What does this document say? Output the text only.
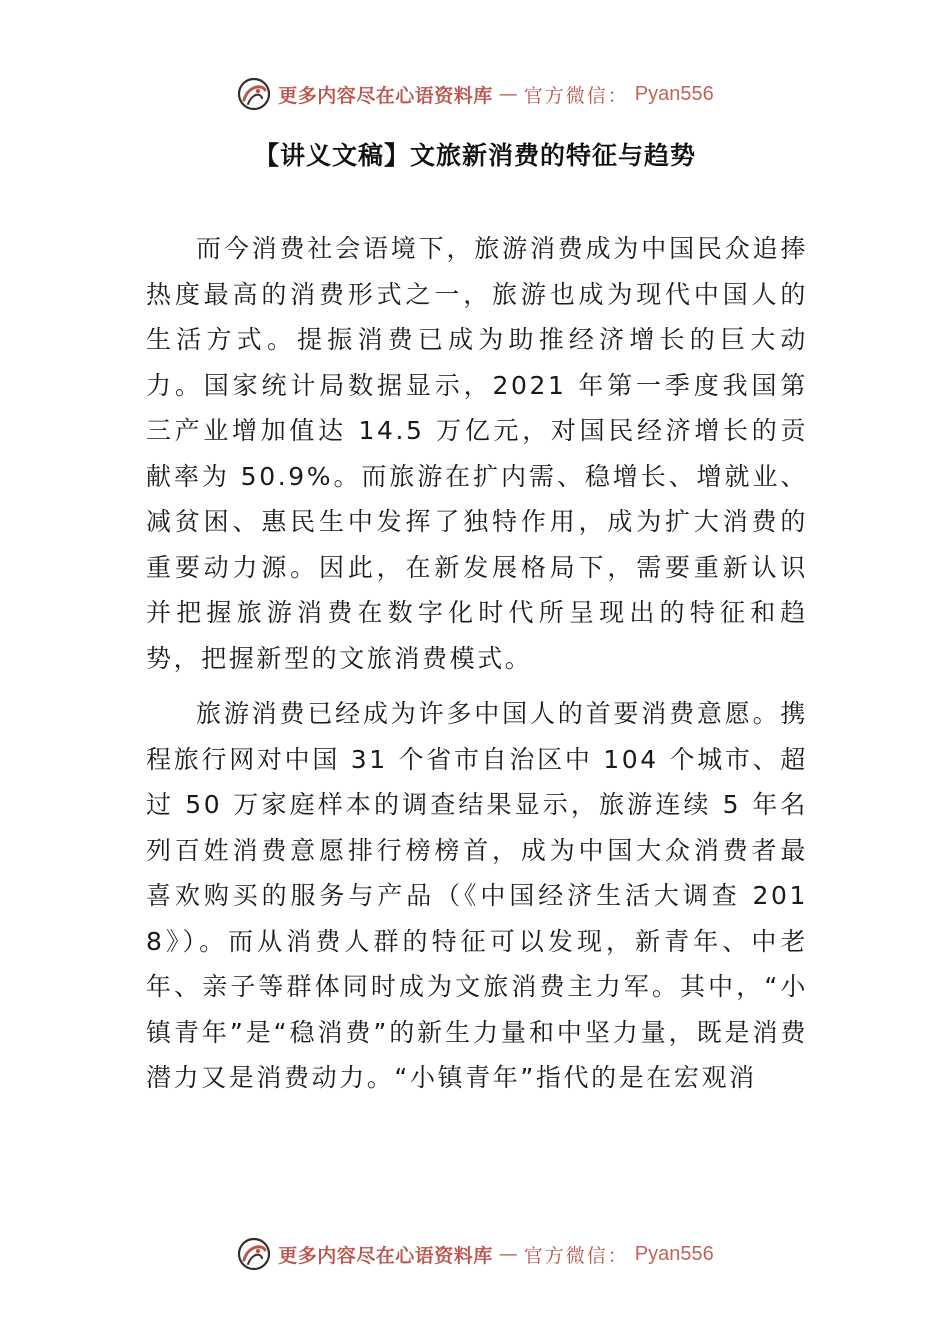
更多内容尽在心语资料库 — 官方微信： Pyan556
【讲义文稿】文旅新消费的特征与趋势

而今消费社会语境下，旅游消费成为中国民众追捧热度最高的消费形式之一，旅游也成为现代中国人的生活方式。提振消费已成为助推经济增长的巨大动力。国家统计局数据显示，2021 年第一季度我国第三产业增加值达 14.5 万亿元，对国民经济增长的贡献率为 50.9%。而旅游在扩内需、稳增长、增就业、减贫困、惠民生中发挥了独特作用，成为扩大消费的重要动力源。因此，在新发展格局下，需要重新认识并把握旅游消费在数字化时代所呈现出的特征和趋势，把握新型的文旅消费模式。

旅游消费已经成为许多中国人的首要消费意愿。携程旅行网对中国 31 个省市自治区中 104 个城市、超过 50 万家庭样本的调查结果显示，旅游连续 5 年名列百姓消费意愿排行榜榜首，成为中国大众消费者最喜欢购买的服务与产品（《中国经济生活大调查 2018》）。而从消费人群的特征可以发现，新青年、中老年、亲子等群体同时成为文旅消费主力军。其中，“小镇青年”是“稳消费”的新生力量和中坚力量，既是消费潜力又是消费动力。“小镇青年”指代的是在宏观消

更多内容尽在心语资料库 — 官方微信： Pyan556
